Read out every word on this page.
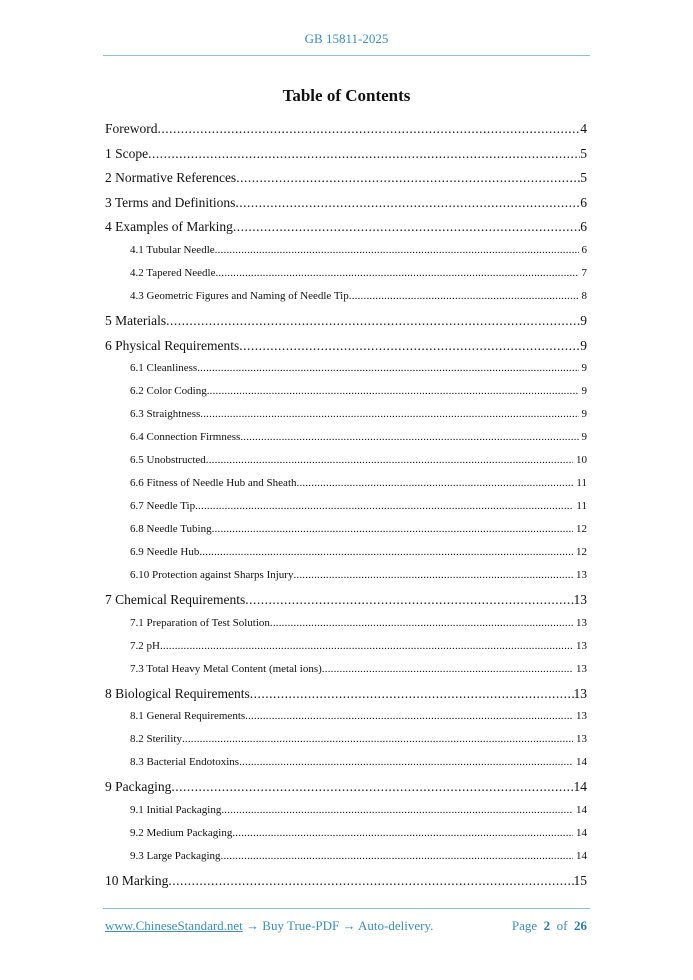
GB 15811-2025
Table of Contents
Foreword .....	4
1 Scope .....	5
2 Normative References .....	5
3 Terms and Definitions .....	6
4 Examples of Marking .....	6
4.1 Tubular Needle .....	6
4.2 Tapered Needle .....	7
4.3 Geometric Figures and Naming of Needle Tip .....	8
5 Materials .....	9
6 Physical Requirements .....	9
6.1 Cleanliness .....	9
6.2 Color Coding .....	9
6.3 Straightness .....	9
6.4 Connection Firmness .....	9
6.5 Unobstructed .....	10
6.6 Fitness of Needle Hub and Sheath .....	11
6.7 Needle Tip .....	11
6.8 Needle Tubing .....	12
6.9 Needle Hub .....	12
6.10 Protection against Sharps Injury .....	13
7 Chemical Requirements .....	13
7.1 Preparation of Test Solution .....	13
7.2 pH .....	13
7.3 Total Heavy Metal Content (metal ions) .....	13
8 Biological Requirements .....	13
8.1 General Requirements .....	13
8.2 Sterility .....	13
8.3 Bacterial Endotoxins .....	14
9 Packaging .....	14
9.1 Initial Packaging .....	14
9.2 Medium Packaging .....	14
9.3 Large Packaging .....	14
10 Marking .....	15
www.ChineseStandard.net → Buy True-PDF → Auto-delivery.	Page 2 of 26
